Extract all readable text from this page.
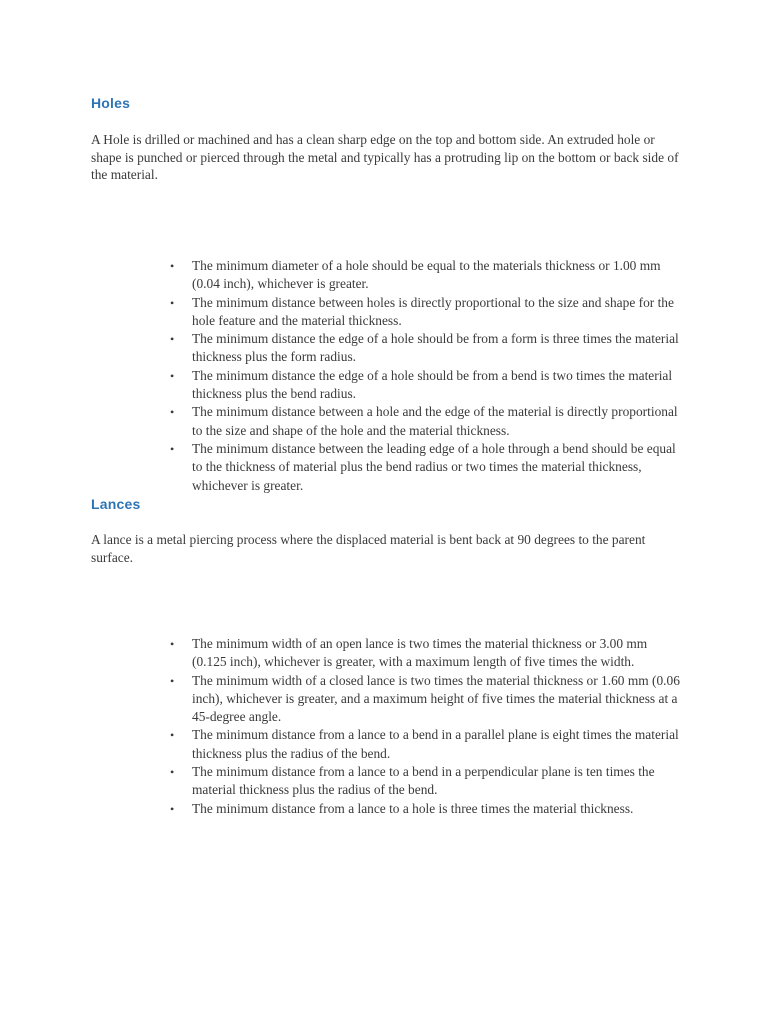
Holes

A Hole is drilled or machined and has a clean sharp edge on the top and bottom side. An extruded hole or shape is punched or pierced through the metal and typically has a protruding lip on the bottom or back side of the material.

•	The minimum diameter of a hole should be equal to the materials thickness or 1.00 mm (0.04 inch), whichever is greater.
•	The minimum distance between holes is directly proportional to the size and shape for the hole feature and the material thickness.
•	The minimum distance the edge of a hole should be from a form is three times the material thickness plus the form radius.
•	The minimum distance the edge of a hole should be from a bend is two times the material thickness plus the bend radius.
•	The minimum distance between a hole and the edge of the material is directly proportional to the size and shape of the hole and the material thickness.
•	The minimum distance between the leading edge of a hole through a bend should be equal to the thickness of material plus the bend radius or two times the material thickness, whichever is greater.
Lances

A lance is a metal piercing process where the displaced material is bent back at 90 degrees to the parent surface.

•	The minimum width of an open lance is two times the material thickness or 3.00 mm (0.125 inch), whichever is greater, with a maximum length of five times the width.
•	The minimum width of a closed lance is two times the material thickness or 1.60 mm (0.06 inch), whichever is greater, and a maximum height of five times the material thickness at a 45-degree angle.
•	The minimum distance from a lance to a bend in a parallel plane is eight times the material thickness plus the radius of the bend.
•	The minimum distance from a lance to a bend in a perpendicular plane is ten times the material thickness plus the radius of the bend.
•	The minimum distance from a lance to a hole is three times the material thickness.
